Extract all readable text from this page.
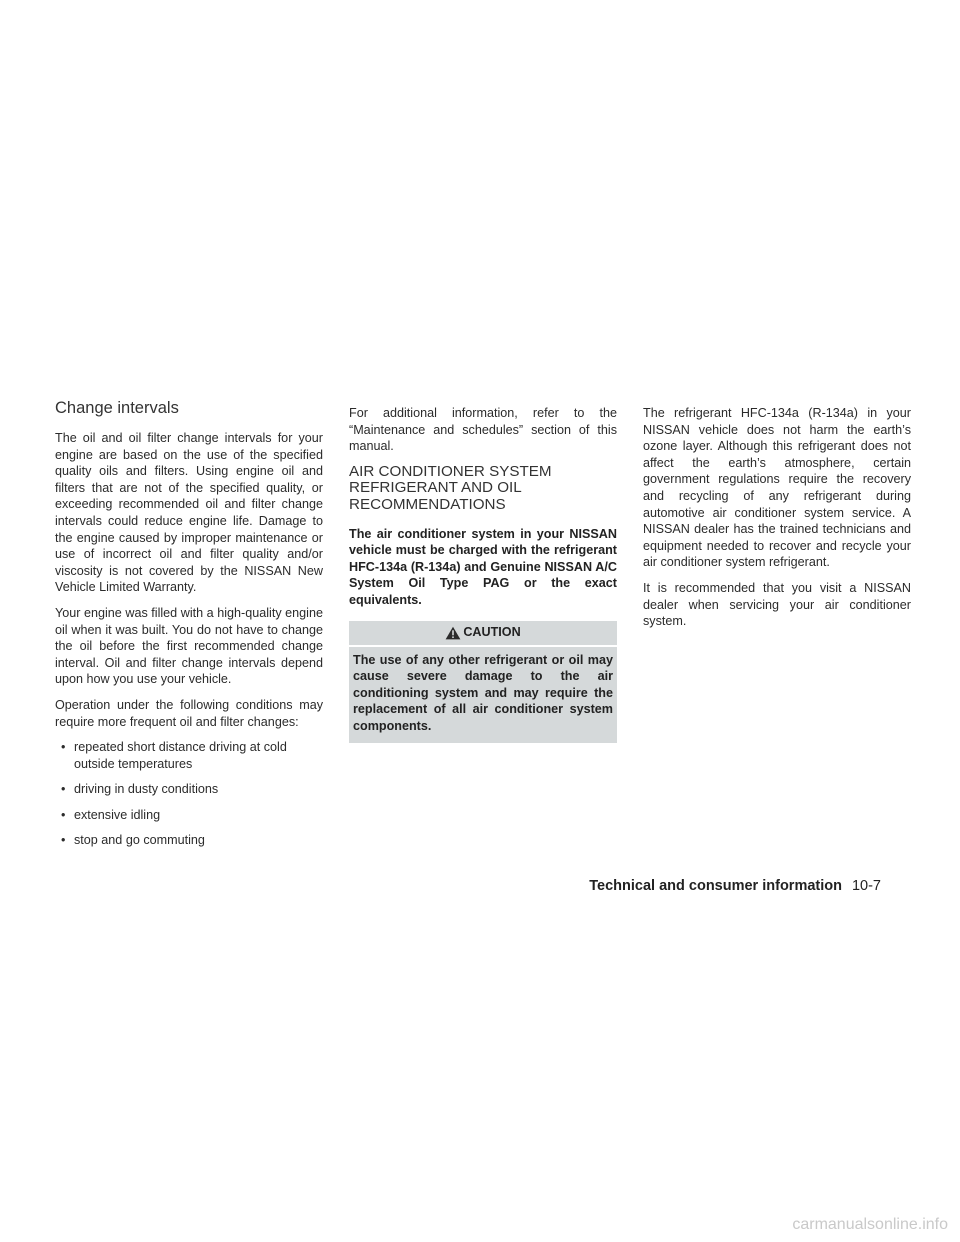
Change intervals

The oil and oil filter change intervals for your engine are based on the use of the specified quality oils and filters. Using engine oil and filters that are not of the specified quality, or exceeding recommended oil and filter change intervals could reduce engine life. Damage to the engine caused by improper maintenance or use of incorrect oil and filter quality and/or viscosity is not covered by the NISSAN New Vehicle Limited Warranty.

Your engine was filled with a high-quality engine oil when it was built. You do not have to change the oil before the first recommended change interval. Oil and filter change intervals depend upon how you use your vehicle.

Operation under the following conditions may require more frequent oil and filter changes:

• repeated short distance driving at cold outside temperatures
• driving in dusty conditions
• extensive idling
• stop and go commuting

For additional information, refer to the “Maintenance and schedules” section of this manual.

AIR CONDITIONER SYSTEM REFRIGERANT AND OIL RECOMMENDATIONS

The air conditioner system in your NISSAN vehicle must be charged with the refrigerant HFC-134a (R-134a) and Genuine NISSAN A/C System Oil Type PAG or the exact equivalents.

CAUTION
The use of any other refrigerant or oil may cause severe damage to the air conditioning system and may require the replacement of all air conditioner system components.

The refrigerant HFC-134a (R-134a) in your NISSAN vehicle does not harm the earth’s ozone layer. Although this refrigerant does not affect the earth’s atmosphere, certain government regulations require the recovery and recycling of any refrigerant during automotive air conditioner system service. A NISSAN dealer has the trained technicians and equipment needed to recover and recycle your air conditioner system refrigerant.

It is recommended that you visit a NISSAN dealer when servicing your air conditioner system.

Technical and consumer information 10-7
carmanualsonline.info
